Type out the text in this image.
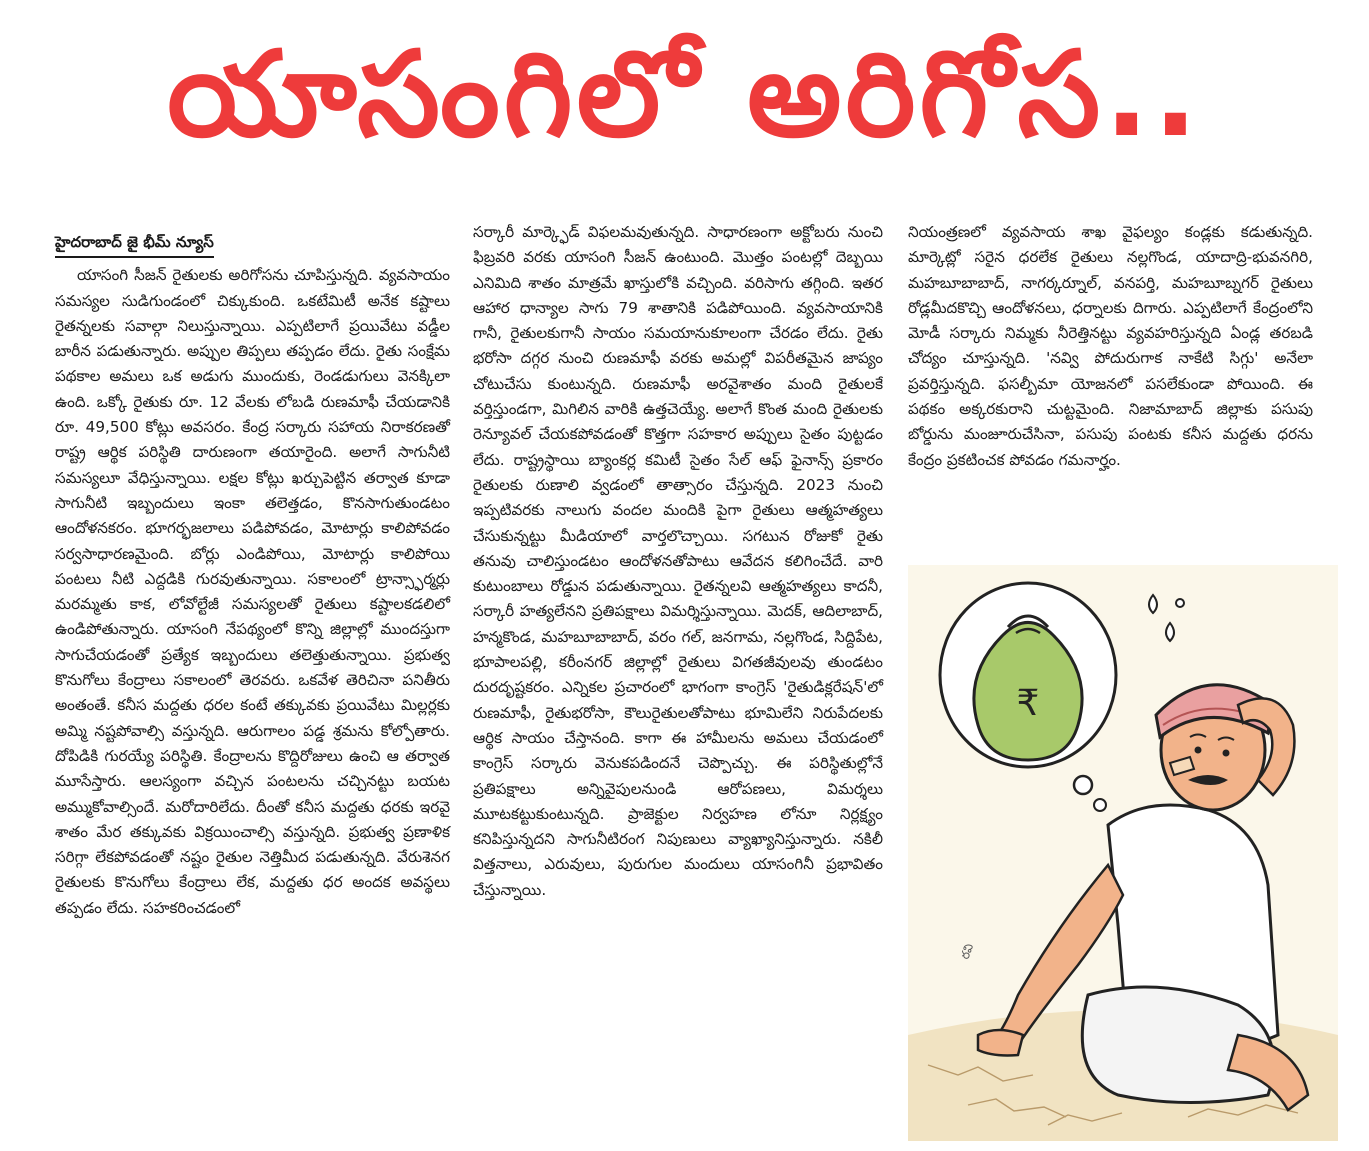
యాసంగిలో అరిగోస..
హైదరాబాద్ జై భీమ్ న్యూస్

యాసంగి సీజన్ రైతులకు అరిగోసను చూపిస్తున్నది. వ్యవసాయం సమస్యల సుడిగుండంలో చిక్కుకుంది. ఒకటేమిటీ అనేక కష్టాలు రైతన్నలకు సవాల్గా నిలుస్తున్నాయి. ఎప్పటిలాగే ప్రయివేటు వడ్డీల బారీన పడుతున్నారు. అప్పుల తిప్పలు తప్పడం లేదు. రైతు సంక్షేమ పథకాల అమలు ఒక అడుగు ముందుకు, రెండడుగులు వెనక్కిలా ఉంది. ఒక్కో రైతుకు రూ. 12 వేలకు లోబడి రుణమాఫీ చేయడానికి రూ. 49,500 కోట్లు అవసరం. కేంద్ర సర్కారు సహాయ నిరాకరణతో రాష్ట్ర ఆర్థిక పరిస్థితి దారుణంగా తయారైంది. అలాగే సాగునీటి సమస్యలూ వేధిస్తున్నాయి. లక్షల కోట్లు ఖర్చుపెట్టిన తర్వాత కూడా సాగునీటి ఇబ్బందులు ఇంకా తలెత్తడం, కొనసాగుతుండటం ఆందోళనకరం. భూగర్భజలాలు పడిపోవడం, మోటార్లు కాలిపోవడం సర్వసాధారణమైంది. బోర్లు ఎండిపోయి, మోటార్లు కాలిపోయి పంటలు నీటి ఎద్దడికి గురవుతున్నాయి. సకాలంలో ట్రాన్స్ఫార్మర్లు మరమ్మతు కాక, లోవోల్టేజీ సమస్యలతో రైతులు కష్టాలకడలిలో ఉండిపోతున్నారు. యాసంగి నేపథ్యంలో కొన్ని జిల్లాల్లో ముందస్తుగా సాగుచేయడంతో ప్రత్యేక ఇబ్బందులు తలెత్తుతున్నాయి. ప్రభుత్వ కొనుగోలు కేంద్రాలు సకాలంలో తెరవరు. ఒకవేళ తెరిచినా పనితీరు అంతంతే. కనీస మద్దతు ధరల కంటే తక్కువకు ప్రయివేటు మిల్లర్లకు అమ్మి నష్టపోవాల్సి వస్తున్నది. ఆరుగాలం పడ్డ శ్రమను కోల్పోతారు. దోపిడికి గురయ్యే పరిస్థితి. కేంద్రాలను కొద్దిరోజులు ఉంచి ఆ తర్వాత మూసేస్తారు. ఆలస్యంగా వచ్చిన పంటలను చచ్చినట్టు బయట అమ్ముకోవాల్సిందే. మరోదారిలేదు. దీంతో కనీస మద్దతు ధరకు ఇరవై శాతం మేర తక్కువకు విక్రయించాల్సి వస్తున్నది. ప్రభుత్వ ప్రణాళిక సరిగ్గా లేకపోవడంతో నష్టం రైతుల నెత్తిమీద పడుతున్నది. వేరుశెనగ రైతులకు కొనుగోలు కేంద్రాలు లేక, మద్దతు ధర అందక అవస్థలు తప్పడం లేదు. సహకరించడంలో

సర్కారీ మార్క్ఫెడ్ విఫలమవుతున్నది. సాధారణంగా అక్టోబరు నుంచి ఫిబ్రవరి వరకు యాసంగి సీజన్ ఉంటుంది. మొత్తం పంటల్లో దెబ్బయి ఎనిమిది శాతం మాత్రమే ఖాస్తులోకి వచ్చింది. వరిసాగు తగ్గింది. ఇతర ఆహార ధాన్యాల సాగు 79 శాతానికి పడిపోయింది. వ్యవసాయానికి గానీ, రైతులకుగానీ సాయం సమయానుకూలంగా చేరడం లేదు. రైతు భరోసా దగ్గర నుంచి రుణమాఫీ వరకు అమల్లో విపరీతమైన జాప్యం చోటుచేసు కుంటున్నది. రుణమాఫీ అరవైశాతం మంది రైతులకే వర్తిస్తుండగా, మిగిలిన వారికి ఉత్తచెయ్యే. అలాగే కొంత మంది రైతులకు రెన్యూవల్ చేయకపోవడంతో కొత్తగా సహకార అప్పులు సైతం పుట్టడం లేదు. రాష్ట్రస్థాయి బ్యాంకర్ల కమిటీ సైతం సేల్ ఆఫ్ ఫైనాన్స్ ప్రకారం రైతులకు రుణాలి వ్వడంలో తాత్సారం చేస్తున్నది. 2023 నుంచి ఇప్పటివరకు నాలుగు వందల మందికి పైగా రైతులు ఆత్మహత్యలు చేసుకున్నట్టు మీడియాలో వార్తలొచ్చాయి. సగటున రోజుకో రైతు తనువు చాలిస్తుండటం ఆందోళనతోపాటు ఆవేదన కలిగించేదే. వారి కుటుంబాలు రోడ్డున పడుతున్నాయి. రైతన్నలవి ఆత్మహత్యలు కాదనీ, సర్కారీ హత్యలేనని ప్రతిపక్షాలు విమర్శిస్తున్నాయి. మెదక్, ఆదిలాబాద్, హన్మకొండ, మహబూబాబాద్, వరం గల్, జనగామ, నల్లగొండ, సిద్దిపేట, భూపాలపల్లి, కరీంనగర్ జిల్లాల్లో రైతులు విగతజీవులవు తుండటం దురదృష్టకరం. ఎన్నికల ప్రచారంలో భాగంగా కాంగ్రెస్ 'రైతుడిక్లరేషన్'లో రుణమాఫీ, రైతుభరోసా, కౌలురైతులతోపాటు భూమిలేని నిరుపేదలకు ఆర్థిక సాయం చేస్తానంది. కాగా ఈ హామీలను అమలు చేయడంలో కాంగ్రెస్ సర్కారు వెనుకపడిందనే చెప్పొచ్చు. ఈ పరిస్థితుల్లోనే ప్రతిపక్షాలు అన్నివైపులనుండి ఆరోపణలు, విమర్శలు మూటకట్టుకుంటున్నది. ప్రాజెక్టుల నిర్వహణ లోనూ నిర్లక్ష్యం కనిపిస్తున్నదని సాగునీటిరంగ నిపుణులు వ్యాఖ్యానిస్తున్నారు. నకిలీ విత్తనాలు, ఎరువులు, పురుగుల మందులు యాసంగినీ ప్రభావితం చేస్తున్నాయి.

నియంత్రణలో వ్యవసాయ శాఖ వైఫల్యం కండ్లకు కడుతున్నది. మార్కెట్లో సరైన ధరలేక రైతులు నల్లగొండ, యాదాద్రి-భువనగిరి, మహబూబాబాద్, నాగర్కర్నూల్, వనపర్తి, మహబూబ్నగర్ రైతులు రోడ్లమీదకొచ్చి ఆందోళనలు, ధర్నాలకు దిగారు. ఎప్పటిలాగే కేంద్రంలోని మోడీ సర్కారు నిమ్మకు నీరెత్తినట్టు వ్యవహరిస్తున్నది ఏండ్ల తరబడి చోద్యం చూస్తున్నది. 'నవ్వి పోదురుగాక నాకేటి సిగ్గు' అనేలా ప్రవర్తిస్తున్నది. ఫసల్బీమా యోజనలో పసలేకుండా పోయింది. ఈ పథకం అక్కరకురాని చుట్టమైంది. నిజామాబాద్ జిల్లాకు పసుపు బోర్డును మంజూరుచేసినా, పసుపు పంటకు కనీస మద్దతు ధరను కేంద్రం ప్రకటించక పోవడం గమనార్హం.

₹
రవి
